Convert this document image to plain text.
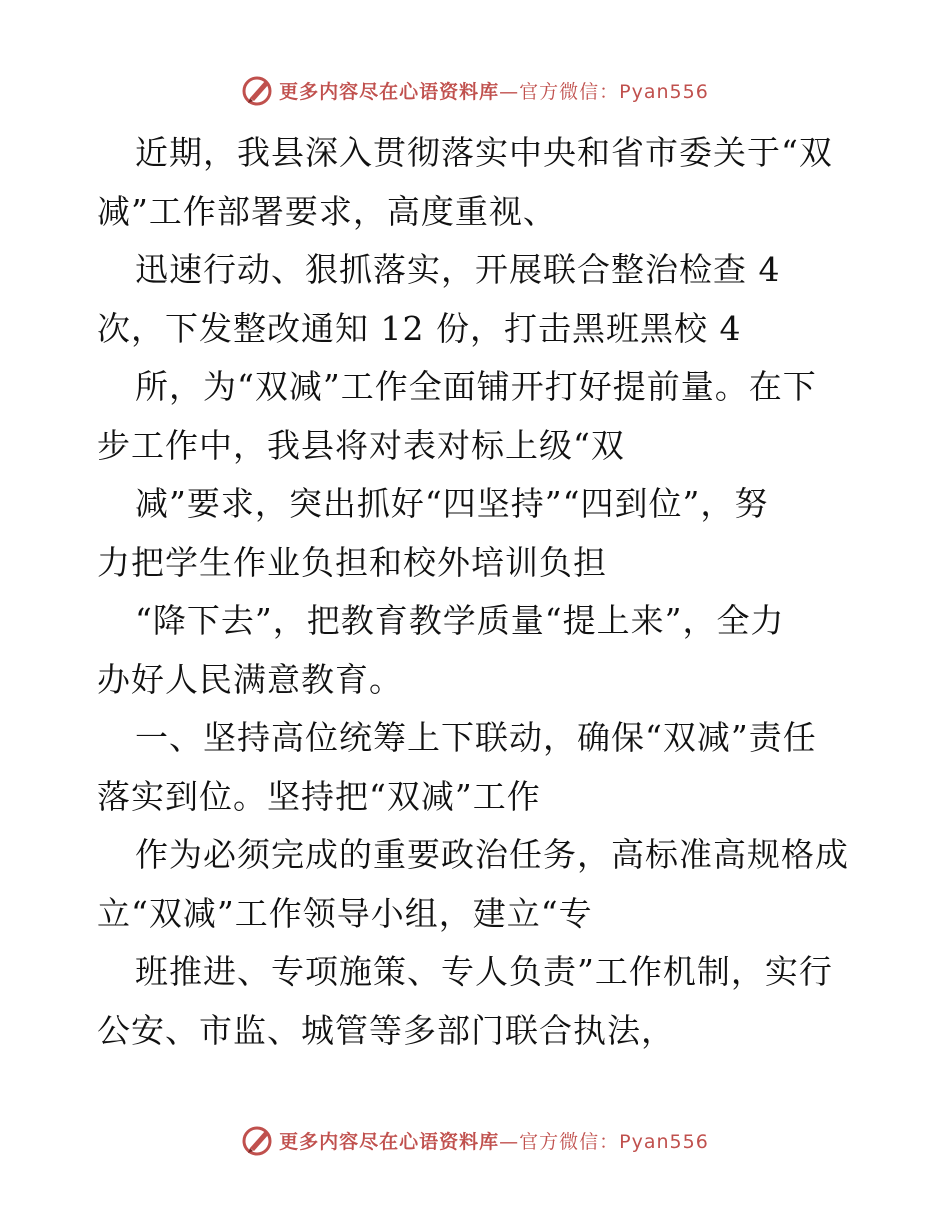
更多内容尽在心语资料库—官方微信：Pyan556
近期，我县深入贯彻落实中央和省市委关于“双
减”工作部署要求，高度重视、
迅速行动、狠抓落实，开展联合整治检查 4
次，下发整改通知 12 份，打击黑班黑校 4
所，为“双减”工作全面铺开打好提前量。在下
步工作中，我县将对表对标上级“双
减”要求，突出抓好“四坚持”“四到位”，努
力把学生作业负担和校外培训负担
“降下去”，把教育教学质量“提上来”，全力
办好人民满意教育。
一、坚持高位统筹上下联动，确保“双减”责任
落实到位。坚持把“双减”工作
作为必须完成的重要政治任务，高标准高规格成
立“双减”工作领导小组，建立“专
班推进、专项施策、专人负责”工作机制，实行
公安、市监、城管等多部门联合执法，
更多内容尽在心语资料库—官方微信：Pyan556
